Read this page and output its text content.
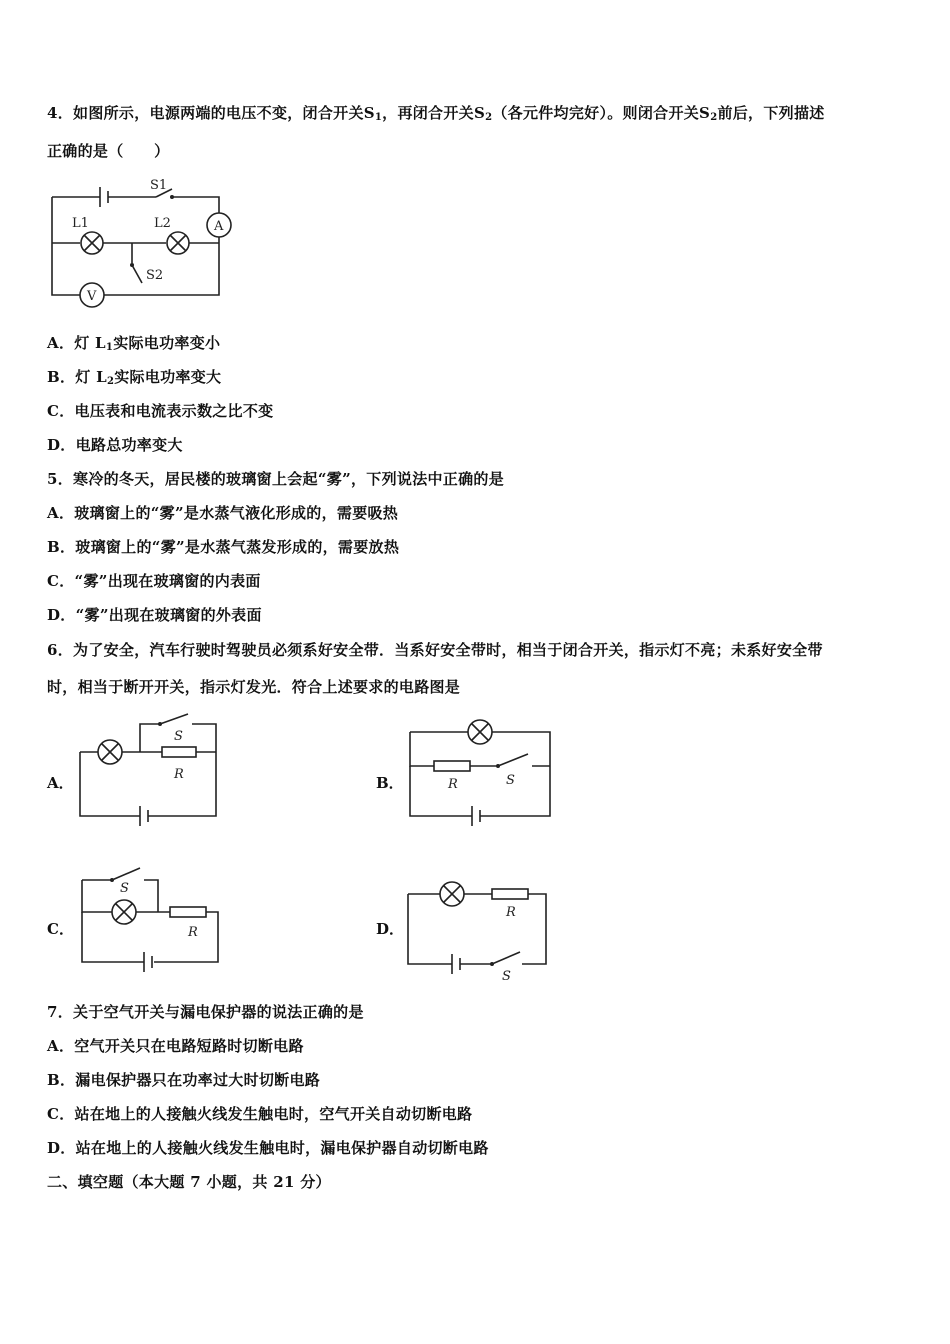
4．如图所示，电源两端的电压不变，闭合开关$S_1$，再闭合开关$S_2$（各元件均完好）。则闭合开关$S_2$前后，下列描述
正确的是（　　）
S1
A
V
L1	L2
S2
A．灯 $L_1$实际电功率变小
B．灯 $L_2$实际电功率变大
C．电压表和电流表示数之比不变
D．电路总功率变大
5．寒冷的冬天，居民楼的玻璃窗上会起“雾”，下列说法中正确的是
A．玻璃窗上的“雾”是水蒸气液化形成的，需要吸热
B．玻璃窗上的“雾”是水蒸气蒸发形成的，需要放热
C．“雾”出现在玻璃窗的内表面
D．“雾”出现在玻璃窗的外表面
6．为了安全，汽车行驶时驾驶员必须系好安全带．当系好安全带时，相当于闭合开关，指示灯不亮；未系好安全带
时，相当于断开开关，指示灯发光．符合上述要求的电路图是
A．	R
S
B．	R	S
C．
S
R	D．
R
S
7．关于空气开关与漏电保护器的说法正确的是
A．空气开关只在电路短路时切断电路
B．漏电保护器只在功率过大时切断电路
C．站在地上的人接触火线发生触电时，空气开关自动切断电路
D．站在地上的人接触火线发生触电时，漏电保护器自动切断电路
二、填空题（本大题 7 小题，共 21 分）
